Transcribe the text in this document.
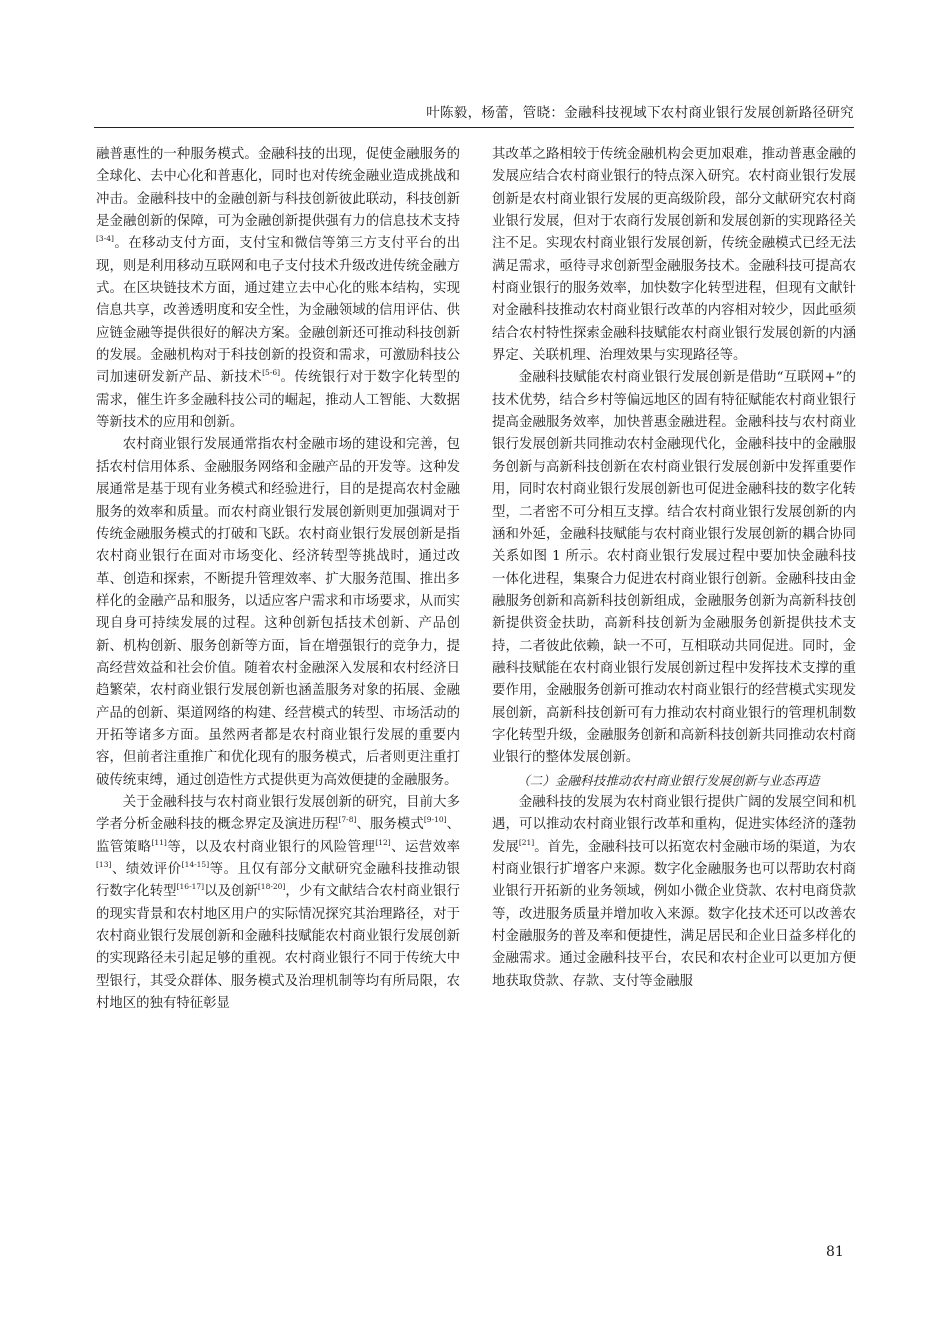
叶陈毅，杨蕾，管晓：金融科技视域下农村商业银行发展创新路径研究

融普惠性的一种服务模式。金融科技的出现，促使金融服务的全球化、去中心化和普惠化，同时也对传统金融业造成挑战和冲击。金融科技中的金融创新与科技创新彼此联动，科技创新是金融创新的保障，可为金融创新提供强有力的信息技术支持[3-4]。在移动支付方面，支付宝和微信等第三方支付平台的出现，则是利用移动互联网和电子支付技术升级改进传统金融方式。在区块链技术方面，通过建立去中心化的账本结构，实现信息共享，改善透明度和安全性，为金融领域的信用评估、供应链金融等提供很好的解决方案。金融创新还可推动科技创新的发展。金融机构对于科技创新的投资和需求，可激励科技公司加速研发新产品、新技术[5-6]。传统银行对于数字化转型的需求，催生许多金融科技公司的崛起，推动人工智能、大数据等新技术的应用和创新。

农村商业银行发展通常指农村金融市场的建设和完善，包括农村信用体系、金融服务网络和金融产品的开发等。这种发展通常是基于现有业务模式和经验进行，目的是提高农村金融服务的效率和质量。而农村商业银行发展创新则更加强调对于传统金融服务模式的打破和飞跃。农村商业银行发展创新是指农村商业银行在面对市场变化、经济转型等挑战时，通过改革、创造和探索，不断提升管理效率、扩大服务范围、推出多样化的金融产品和服务，以适应客户需求和市场要求，从而实现自身可持续发展的过程。这种创新包括技术创新、产品创新、机构创新、服务创新等方面，旨在增强银行的竞争力，提高经营效益和社会价值。随着农村金融深入发展和农村经济日趋繁荣，农村商业银行发展创新也涵盖服务对象的拓展、金融产品的创新、渠道网络的构建、经营模式的转型、市场活动的开拓等诸多方面。虽然两者都是农村商业银行发展的重要内容，但前者注重推广和优化现有的服务模式，后者则更注重打破传统束缚，通过创造性方式提供更为高效便捷的金融服务。

关于金融科技与农村商业银行发展创新的研究，目前大多学者分析金融科技的概念界定及演进历程[7-8]、服务模式[9-10]、监管策略[11]等，以及农村商业银行的风险管理[12]、运营效率[13]、绩效评价[14-15]等。且仅有部分文献研究金融科技推动银行数字化转型[16-17]以及创新[18-20]，少有文献结合农村商业银行的现实背景和农村地区用户的实际情况探究其治理路径，对于农村商业银行发展创新和金融科技赋能农村商业银行发展创新的实现路径未引起足够的重视。农村商业银行不同于传统大中型银行，其受众群体、服务模式及治理机制等均有所局限，农村地区的独有特征彰显

其改革之路相较于传统金融机构会更加艰难，推动普惠金融的发展应结合农村商业银行的特点深入研究。农村商业银行发展创新是农村商业银行发展的更高级阶段，部分文献研究农村商业银行发展，但对于农商行发展创新和发展创新的实现路径关注不足。实现农村商业银行发展创新，传统金融模式已经无法满足需求，亟待寻求创新型金融服务技术。金融科技可提高农村商业银行的服务效率，加快数字化转型进程，但现有文献针对金融科技推动农村商业银行改革的内容相对较少，因此亟须结合农村特性探索金融科技赋能农村商业银行发展创新的内涵界定、关联机理、治理效果与实现路径等。

金融科技赋能农村商业银行发展创新是借助“互联网+”的技术优势，结合乡村等偏远地区的固有特征赋能农村商业银行提高金融服务效率，加快普惠金融进程。金融科技与农村商业银行发展创新共同推动农村金融现代化，金融科技中的金融服务创新与高新科技创新在农村商业银行发展创新中发挥重要作用，同时农村商业银行发展创新也可促进金融科技的数字化转型，二者密不可分相互支撑。结合农村商业银行发展创新的内涵和外延，金融科技赋能与农村商业银行发展创新的耦合协同关系如图 1 所示。农村商业银行发展过程中要加快金融科技一体化进程，集聚合力促进农村商业银行创新。金融科技由金融服务创新和高新科技创新组成，金融服务创新为高新科技创新提供资金扶助，高新科技创新为金融服务创新提供技术支持，二者彼此依赖，缺一不可，互相联动共同促进。同时，金融科技赋能在农村商业银行发展创新过程中发挥技术支撑的重要作用，金融服务创新可推动农村商业银行的经营模式实现发展创新，高新科技创新可有力推动农村商业银行的管理机制数字化转型升级，金融服务创新和高新科技创新共同推动农村商业银行的整体发展创新。

（二）金融科技推动农村商业银行发展创新与业态再造

金融科技的发展为农村商业银行提供广阔的发展空间和机遇，可以推动农村商业银行改革和重构，促进实体经济的蓬勃发展[21]。首先，金融科技可以拓宽农村金融市场的渠道，为农村商业银行扩增客户来源。数字化金融服务也可以帮助农村商业银行开拓新的业务领域，例如小微企业贷款、农村电商贷款等，改进服务质量并增加收入来源。数字化技术还可以改善农村金融服务的普及率和便捷性，满足居民和企业日益多样化的金融需求。通过金融科技平台，农民和农村企业可以更加方便地获取贷款、存款、支付等金融服

81
